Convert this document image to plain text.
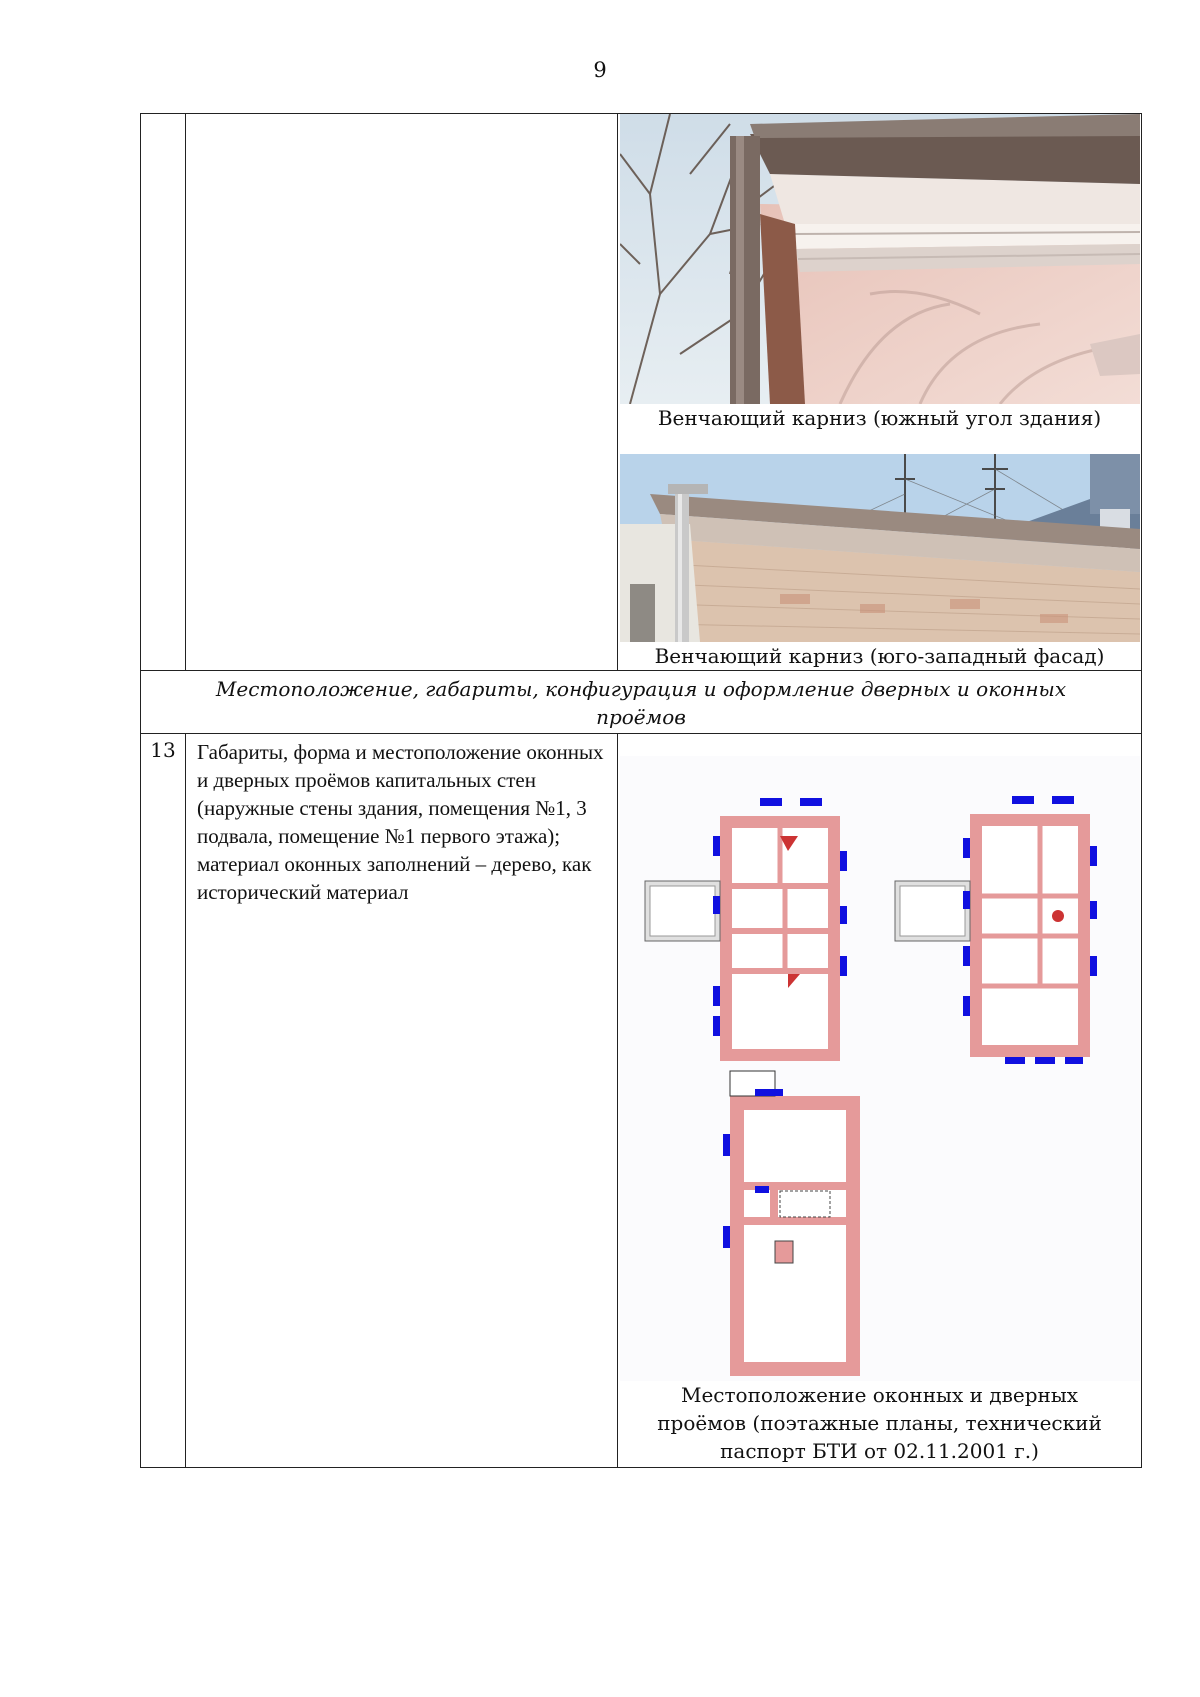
9

		Венчающий карниз (южный угол здания)
Венчающий карниз (юго-западный фасад)

Местоположение, габариты, конфигурация и оформление дверных и оконных проёмов		
13	Габариты, форма и местоположение оконных и дверных проёмов капитальных стен (наружные стены здания, помещения №1, 3 подвала, помещение №1 первого этажа); материал оконных заполнений – дерево, как исторический материал	Местоположение оконных и дверных проёмов (поэтажные планы, технический паспорт БТИ от 02.11.2001 г.)
